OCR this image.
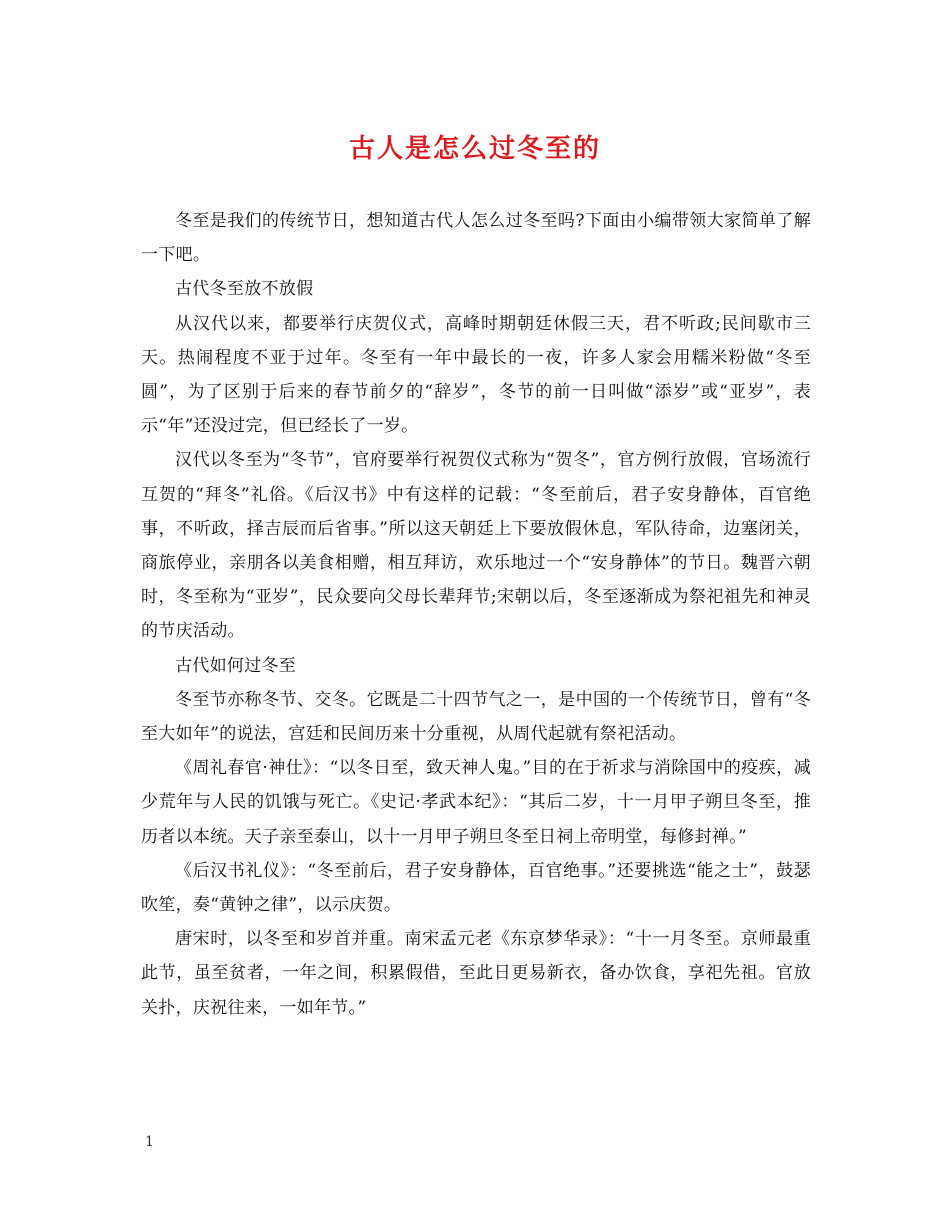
古人是怎么过冬至的

冬至是我们的传统节日，想知道古代人怎么过冬至吗?下面由小编带领大家简单了解一下吧。

古代冬至放不放假

从汉代以来，都要举行庆贺仪式，高峰时期朝廷休假三天，君不听政;民间歇市三天。热闹程度不亚于过年。冬至有一年中最长的一夜，许多人家会用糯米粉做“冬至圆”，为了区别于后来的春节前夕的“辞岁”，冬节的前一日叫做“添岁”或“亚岁”，表示“年”还没过完，但已经长了一岁。

汉代以冬至为“冬节”，官府要举行祝贺仪式称为“贺冬”，官方例行放假，官场流行互贺的“拜冬”礼俗。《后汉书》中有这样的记载：“冬至前后，君子安身静体，百官绝事，不听政，择吉辰而后省事。”所以这天朝廷上下要放假休息，军队待命，边塞闭关，商旅停业，亲朋各以美食相赠，相互拜访，欢乐地过一个“安身静体”的节日。魏晋六朝时，冬至称为“亚岁”，民众要向父母长辈拜节;宋朝以后，冬至逐渐成为祭祀祖先和神灵的节庆活动。

古代如何过冬至

冬至节亦称冬节、交冬。它既是二十四节气之一，是中国的一个传统节日，曾有“冬至大如年”的说法，宫廷和民间历来十分重视，从周代起就有祭祀活动。

《周礼春官·神仕》：“以冬日至，致天神人鬼。”目的在于祈求与消除国中的疫疾，减少荒年与人民的饥饿与死亡。《史记·孝武本纪》：“其后二岁，十一月甲子朔旦冬至，推历者以本统。天子亲至泰山，以十一月甲子朔旦冬至日祠上帝明堂，每修封禅。”

《后汉书礼仪》：“冬至前后，君子安身静体，百官绝事。”还要挑选“能之士”，鼓瑟吹笙，奏“黄钟之律”，以示庆贺。

唐宋时，以冬至和岁首并重。南宋孟元老《东京梦华录》：“十一月冬至。京师最重此节，虽至贫者，一年之间，积累假借，至此日更易新衣，备办饮食，享祀先祖。官放关扑，庆祝往来，一如年节。”

1
